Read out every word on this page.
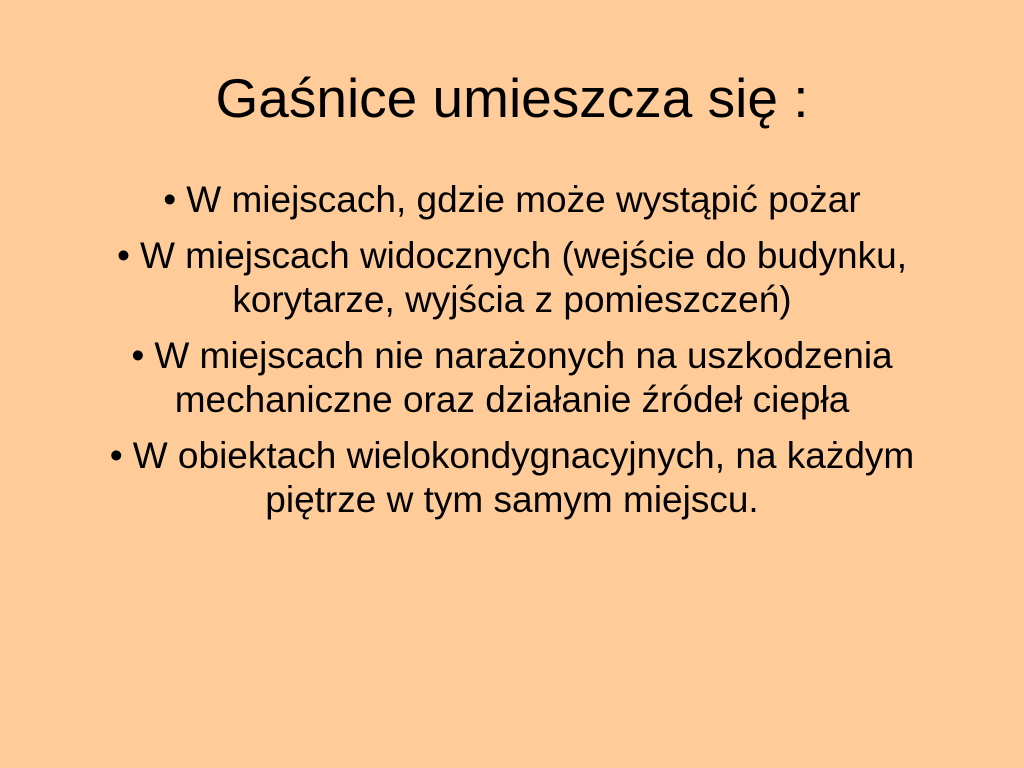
Gaśnice umieszcza się :
• W miejscach, gdzie może wystąpić pożar
• W miejscach widocznych (wejście do budynku, korytarze, wyjścia z pomieszczeń)
• W miejscach nie narażonych na uszkodzenia mechaniczne oraz działanie źródeł ciepła
• W obiektach wielokondygnacyjnych, na każdym piętrze w tym samym miejscu.
